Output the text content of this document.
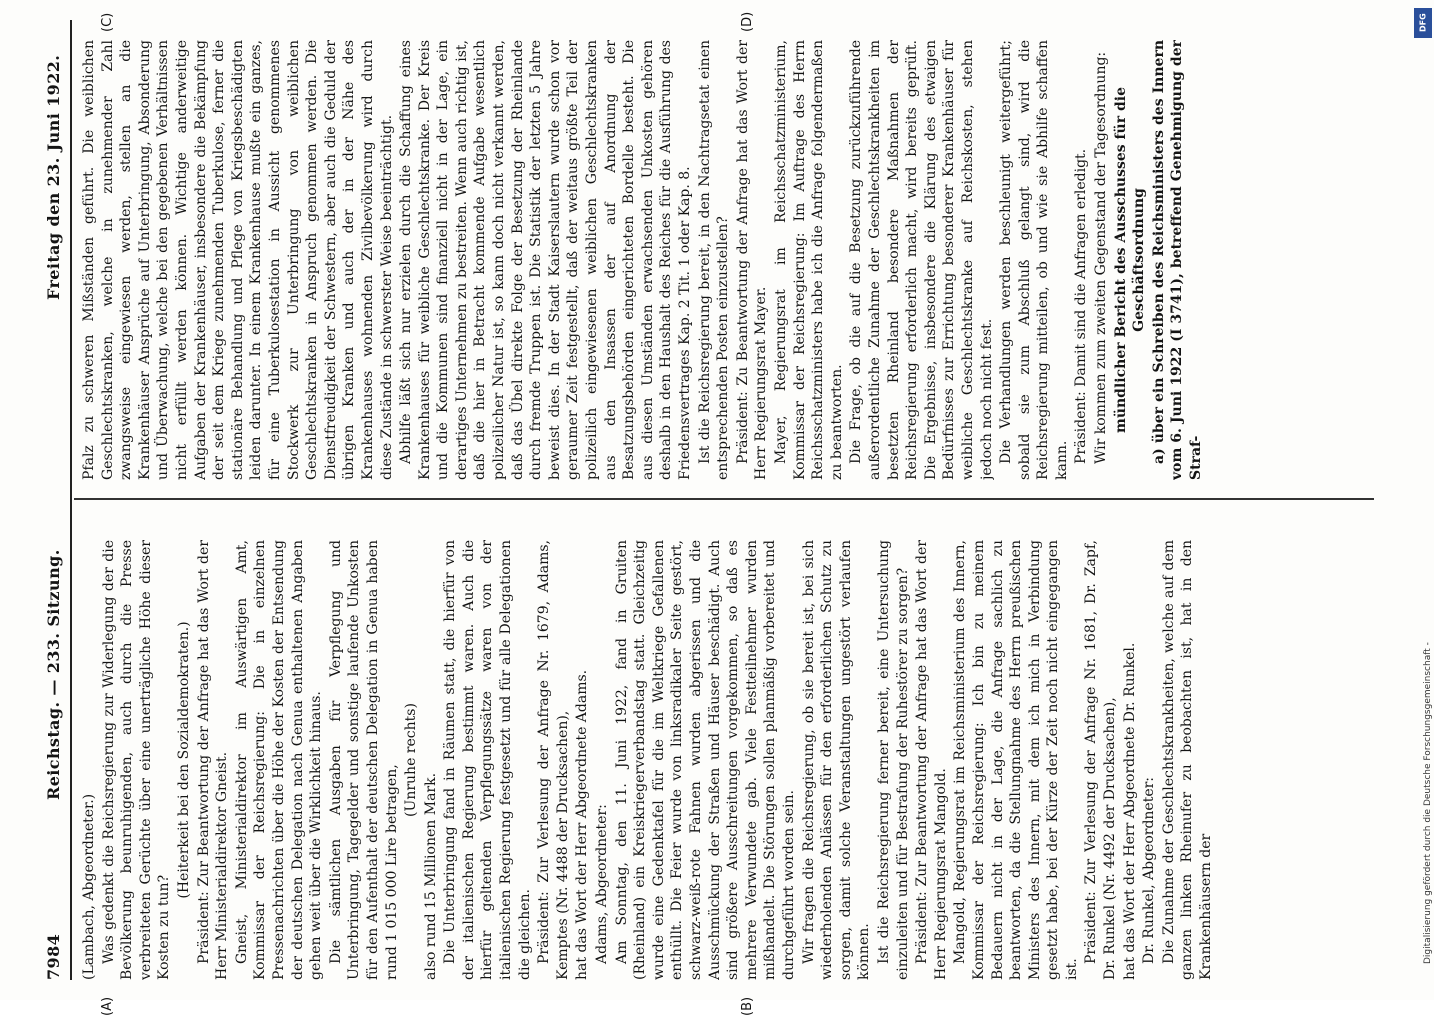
7984
Reichstag. — 233. Sitzung.
Freitag den 23. Juni 1922.
(A)	(B)
(C)	(D)

(Lambach, Abgeordneter.) Was gedenkt die Reichsregierung zur Widerlegung der die Bevölkerung beunruhigenden, auch durch die Presse verbreiteten Gerüchte über eine unerträgliche Höhe dieser Kosten zu tun?

(Heiterkeit bei den Sozialdemokraten.) Präsident: Zur Beantwortung der Anfrage hat das Wort der Herr Ministerialdirektor Gneist. Gneist, Ministerialdirektor im Auswärtigen Amt, Kommissar der Reichsregierung: Die in einzelnen Pressenachrichten über die Höhe der Kosten der Entsendung der deutschen Delegation nach Genua enthaltenen Angaben gehen weit über die Wirklichkeit hinaus. Die sämtlichen Ausgaben für Verpflegung und Unterbringung, Tagegelder und sonstige laufende Unkosten für den Aufenthalt der deutschen Delegation in Genua haben rund 1 015 000 Lire betragen,

(Unruhe rechts)

also rund 15 Millionen Mark. Die Unterbringung fand in Räumen statt, die hierfür von der italienischen Regierung bestimmt waren. Auch die hierfür geltenden Verpflegungssätze waren von der italienischen Regierung festgesetzt und für alle Delegationen die gleichen. Präsident: Zur Verlesung der Anfrage Nr. 1679, Adams, Kemptes (Nr. 4488 der Drucksachen), hat das Wort der Herr Abgeordnete Adams. Adams, Abgeordneter: Am Sonntag, den 11. Juni 1922, fand in Gruiten (Rheinland) ein Kreiskriegerverbandstag statt. Gleichzeitig wurde eine Gedenktafel für die im Weltkriege Gefallenen enthüllt. Die Feier wurde von linksradikaler Seite gestört, schwarz-weiß-rote Fahnen wurden abgerissen und die Ausschmückung der Straßen und Häuser beschädigt. Auch sind größere Ausschreitungen vorgekommen, so daß es mehrere Verwundete gab. Viele Festteilnehmer wurden mißhandelt. Die Störungen sollen planmäßig vorbereitet und durchgeführt worden sein. Wir fragen die Reichsregierung, ob sie bereit ist, bei sich wiederholenden Anlässen für den erforderlichen Schutz zu sorgen, damit solche Veranstaltungen ungestört verlaufen können. Ist die Reichsregierung ferner bereit, eine Untersuchung einzuleiten und für Bestrafung der Ruhestörer zu sorgen? Präsident: Zur Beantwortung der Anfrage hat das Wort der Herr Regierungsrat Mangold. Mangold, Regierungsrat im Reichsministerium des Innern, Kommissar der Reichsregierung: Ich bin zu meinem Bedauern nicht in der Lage, die Anfrage sachlich zu beantworten, da die Stellungnahme des Herrn preußischen Ministers des Innern, mit dem ich mich in Verbindung gesetzt habe, bei der Kürze der Zeit noch nicht eingegangen ist.

Präsident: Zur Verlesung der Anfrage Nr. 1681, Dr. Zapf, Dr. Runkel (Nr. 4492 der Drucksachen), hat das Wort der Herr Abgeordnete Dr. Runkel. Dr. Runkel, Abgeordneter: Die Zunahme der Geschlechtskrankheiten, welche auf dem ganzen linken Rheinufer zu beobachten ist, hat in den Krankenhäusern der

Pfalz zu schweren Mißständen geführt. Die weiblichen Geschlechtskranken, welche in zunehmender Zahl zwangsweise eingewiesen werden, stellen an die Krankenhäuser Ansprüche auf Unterbringung, Absonderung und Überwachung, welche bei den gegebenen Verhältnissen nicht erfüllt werden können. Wichtige anderweitige Aufgaben der Krankenhäuser, insbesondere die Bekämpfung der seit dem Kriege zunehmenden Tuberkulose, ferner die stationäre Behandlung und Pflege von Kriegsbeschädigten leiden darunter. In einem Krankenhause mußte ein ganzes, für eine Tuberkulosestation in Aussicht genommenes Stockwerk zur Unterbringung von weiblichen Geschlechtskranken in Anspruch genommen werden. Die Dienstfreudigkeit der Schwestern, aber auch die Geduld der übrigen Kranken und auch der in der Nähe des Krankenhauses wohnenden Zivilbevölkerung wird durch diese Zustände in schwerster Weise beeinträchtigt. Abhilfe läßt sich nur erzielen durch die Schaffung eines Krankenhauses für weibliche Geschlechtskranke. Der Kreis und die Kommunen sind finanziell nicht in der Lage, ein derartiges Unternehmen zu bestreiten. Wenn auch richtig ist, daß die hier in Betracht kommende Aufgabe wesentlich polizeilicher Natur ist, so kann doch nicht verkannt werden, daß das Übel direkte Folge der Besetzung der Rheinlande durch fremde Truppen ist. Die Statistik der letzten 5 Jahre beweist dies. In der Stadt Kaiserslautern wurde schon vor geraumer Zeit festgestellt, daß der weitaus größte Teil der polizeilich eingewiesenen weiblichen Geschlechtskranken aus den Insassen der auf Anordnung der Besatzungsbehörden eingerichteten Bordelle besteht. Die aus diesen Umständen erwachsenden Unkosten gehören deshalb in den Haushalt des Reiches für die Ausführung des Friedensvertrages Kap. 2 Tit. 1 oder Kap. 8. Ist die Reichsregierung bereit, in den Nachtragsetat einen entsprechenden Posten einzustellen? Präsident: Zu Beantwortung der Anfrage hat das Wort der Herr Regierungsrat Mayer. Mayer, Regierungsrat im Reichsschatzministerium, Kommissar der Reichsregierung: Im Auftrage des Herrn Reichsschatzministers habe ich die Anfrage folgendermaßen zu beantworten. Die Frage, ob die auf die Besetzung zurückzuführende außerordentliche Zunahme der Geschlechtskrankheiten im besetzten Rheinland besondere Maßnahmen der Reichsregierung erforderlich macht, wird bereits geprüft. Die Ergebnisse, insbesondere die Klärung des etwaigen Bedürfnisses zur Errichtung besonderer Krankenhäuser für weibliche Geschlechtskranke auf Reichskosten, stehen jedoch noch nicht fest. Die Verhandlungen werden beschleunigt weitergeführt; sobald sie zum Abschluß gelangt sind, wird die Reichsregierung mitteilen, ob und wie sie Abhilfe schaffen kann. Präsident: Damit sind die Anfragen erledigt. Wir kommen zum zweiten Gegenstand der Tagesordnung: mündlicher Bericht des Ausschusses für die Geschäftsordnung a) über ein Schreiben des Reichsministers des Innern vom 6. Juni 1922 (I 3741), betreffend Genehmigung der Straf-

DFG
Digitalisierung gefördert durch die Deutsche Forschungsgemeinschaft -
